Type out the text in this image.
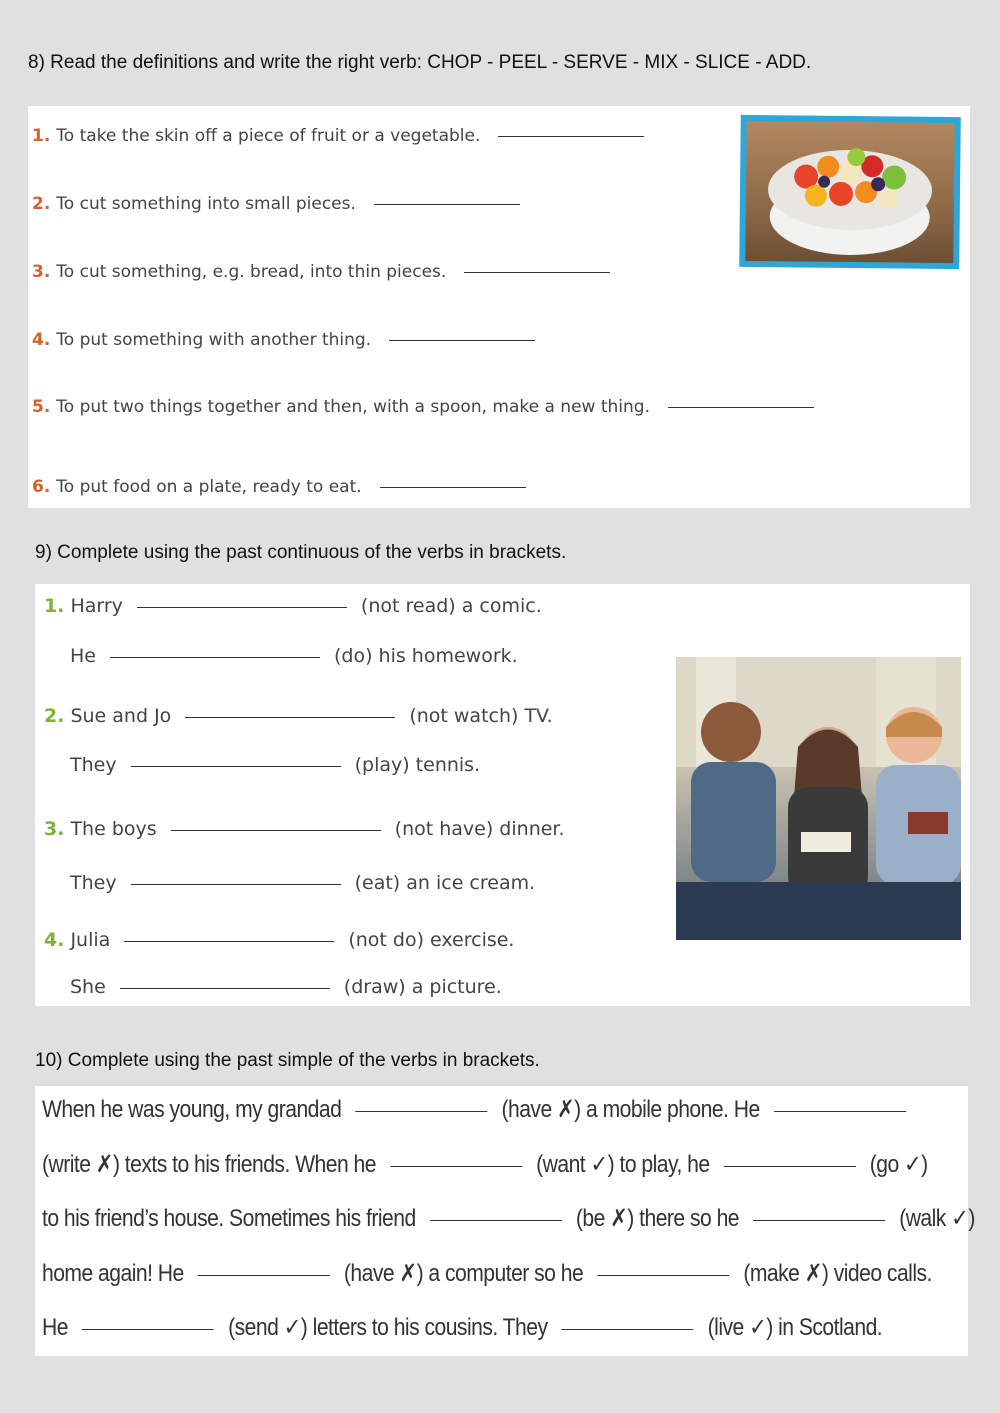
8) Read the definitions and write the right verb: CHOP - PEEL - SERVE - MIX - SLICE - ADD.
1. To take the skin off a piece of fruit or a vegetable.
2. To cut something into small pieces.
3. To cut something, e.g. bread, into thin pieces.
4. To put something with another thing.
5. To put two things together and then, with a spoon, make a new thing.
6. To put food on a plate, ready to eat.
9) Complete using the past continuous of the verbs in brackets.
1. Harry	(not read) a comic.
He	(do) his homework.
2. Sue and Jo	(not watch) TV.
They	(play) tennis.
3. The boys	(not have) dinner.
They	(eat) an ice cream.
4. Julia	(not do) exercise.
She	(draw) a picture.
10) Complete using the past simple of the verbs in brackets.
When he was young, my grandad	(have ✗) a mobile phone. He
(write ✗) texts to his friends. When he	(want ✓) to play, he	(go ✓)
to his friend’s house. Sometimes his friend	(be ✗) there so he	(walk ✓)
home again! He	(have ✗) a computer so he	(make ✗) video calls.
He	(send ✓) letters to his cousins. They	(live ✓) in Scotland.
